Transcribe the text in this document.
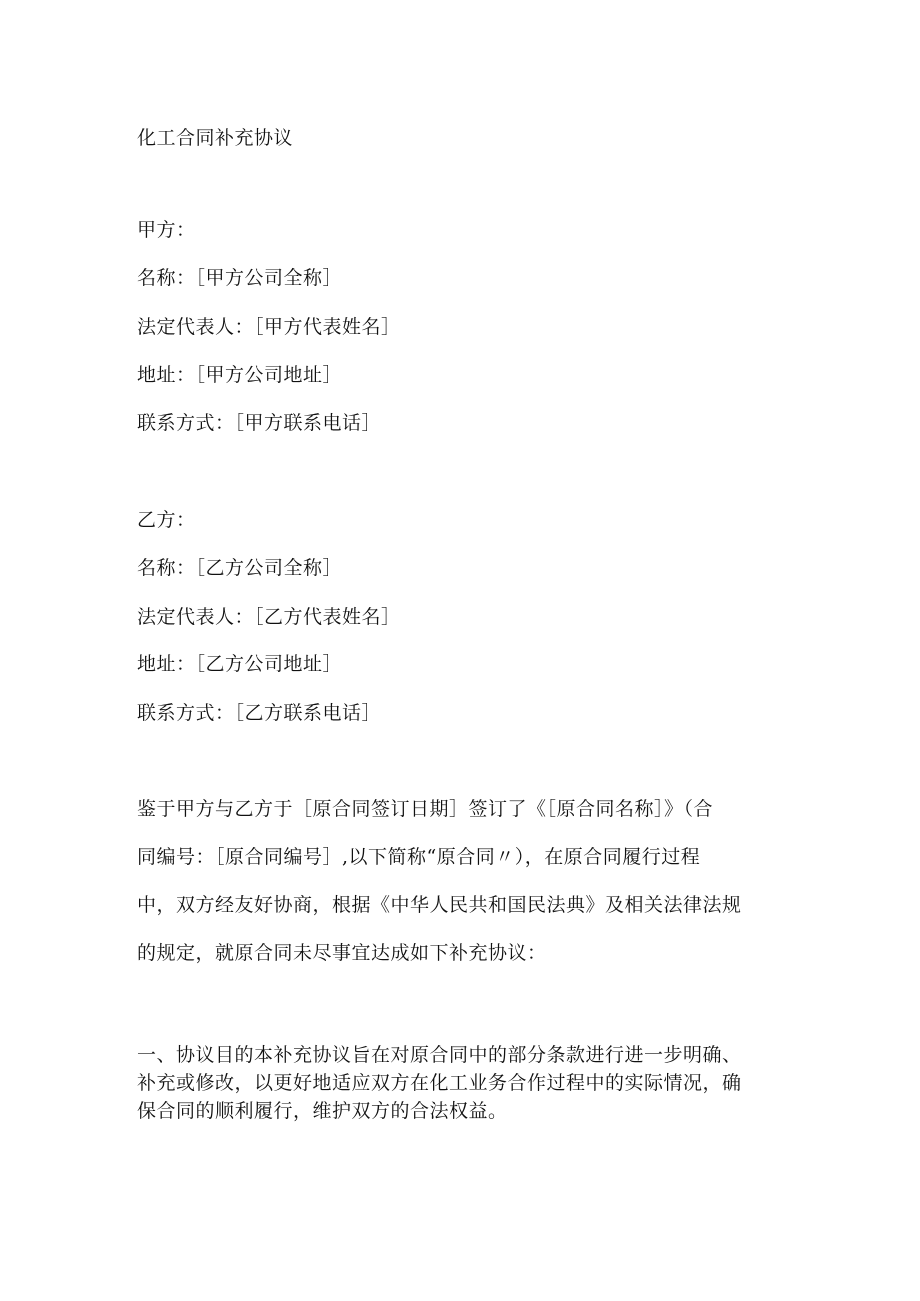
化工合同补充协议
甲方：
名称：［甲方公司全称］
法定代表人：［甲方代表姓名］
地址：［甲方公司地址］
联系方式：［甲方联系电话］
乙方：
名称：［乙方公司全称］
法定代表人：［乙方代表姓名］
地址：［乙方公司地址］
联系方式：［乙方联系电话］
鉴于甲方与乙方于［原合同签订日期］签订了《［原合同名称］》（合
同编号：［原合同编号］,以下简称“原合同〃），在原合同履行过程
中，双方经友好协商，根据《中华人民共和国民法典》及相关法律法规
的规定，就原合同未尽事宜达成如下补充协议：
一、协议目的本补充协议旨在对原合同中的部分条款进行进一步明确、
补充或修改，以更好地适应双方在化工业务合作过程中的实际情况，确
保合同的顺利履行，维护双方的合法权益。
